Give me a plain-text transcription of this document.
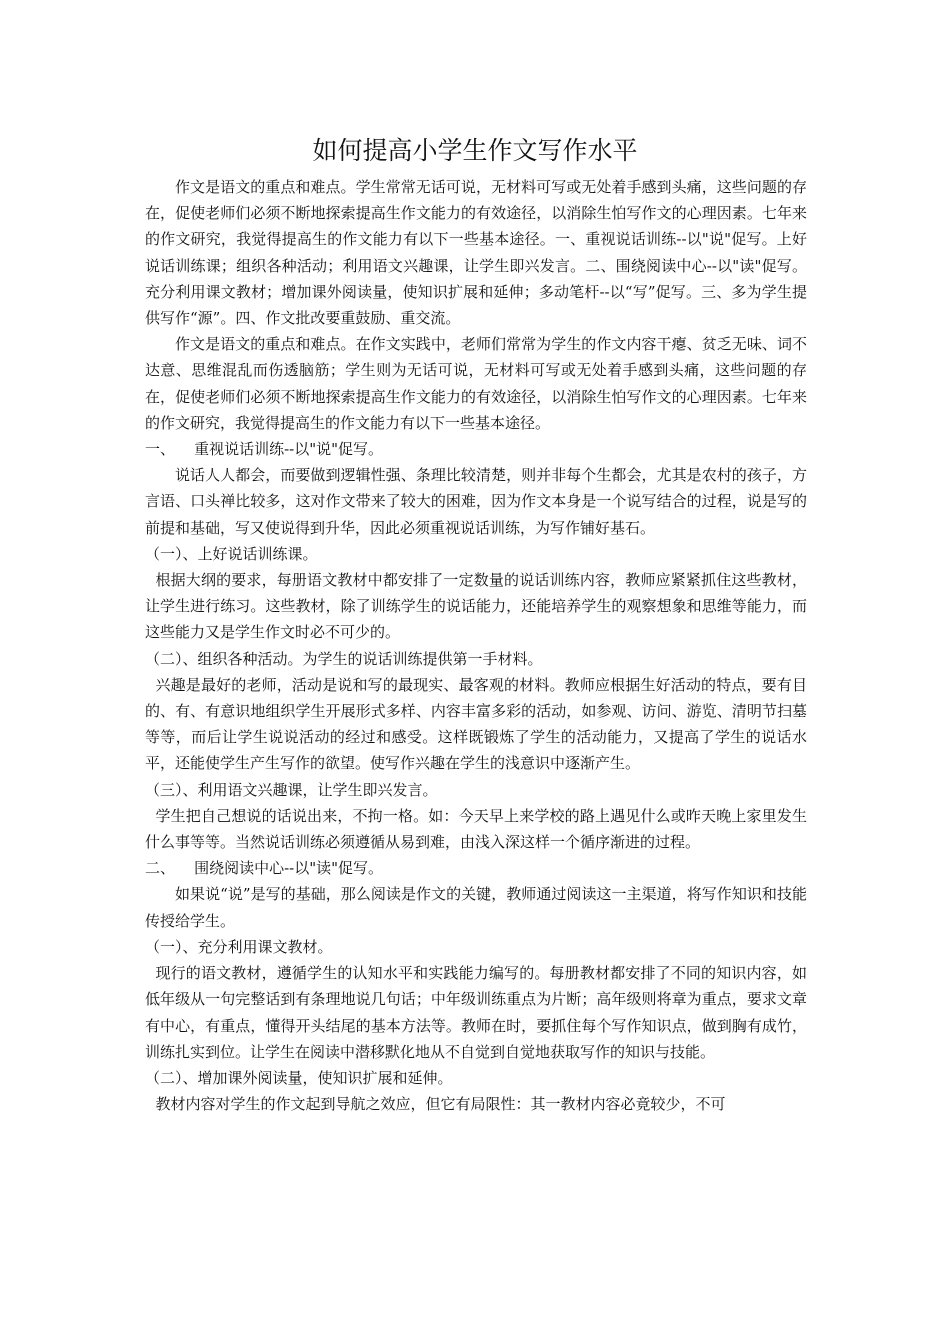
如何提高小学生作文写作水平

作文是语文的重点和难点。学生常常无话可说，无材料可写或无处着手感到头痛，这些问题的存在，促使老师们必须不断地探索提高生作文能力的有效途径，以消除生怕写作文的心理因素。七年来的作文研究，我觉得提高生的作文能力有以下一些基本途径。一、重视说话训练--以"说"促写。上好说话训练课；组织各种活动；利用语文兴趣课，让学生即兴发言。二、围绕阅读中心--以"读"促写。充分利用课文教材；增加课外阅读量，使知识扩展和延伸；多动笔杆--以“写”促写。三、多为学生提供写作“源”。四、作文批改要重鼓励、重交流。

作文是语文的重点和难点。在作文实践中，老师们常常为学生的作文内容干瘪、贫乏无味、词不达意、思维混乱而伤透脑筋；学生则为无话可说，无材料可写或无处着手感到头痛，这些问题的存在，促使老师们必须不断地探索提高生作文能力的有效途径，以消除生怕写作文的心理因素。七年来的作文研究，我觉得提高生的作文能力有以下一些基本途径。

一、    重视说话训练--以"说"促写。

说话人人都会，而要做到逻辑性强、条理比较清楚，则并非每个生都会，尤其是农村的孩子，方言语、口头禅比较多，这对作文带来了较大的困难，因为作文本身是一个说写结合的过程，说是写的前提和基础，写又使说得到升华，因此必须重视说话训练，为写作铺好基石。

（一）、上好说话训练课。

根据大纲的要求，每册语文教材中都安排了一定数量的说话训练内容，教师应紧紧抓住这些教材，让学生进行练习。这些教材，除了训练学生的说话能力，还能培养学生的观察想象和思维等能力，而这些能力又是学生作文时必不可少的。

（二）、组织各种活动。为学生的说话训练提供第一手材料。

兴趣是最好的老师，活动是说和写的最现实、最客观的材料。教师应根据生好活动的特点，要有目的、有、有意识地组织学生开展形式多样、内容丰富多彩的活动，如参观、访问、游览、清明节扫墓等等，而后让学生说说活动的经过和感受。这样既锻炼了学生的活动能力，又提高了学生的说话水平，还能使学生产生写作的欲望。使写作兴趣在学生的浅意识中逐渐产生。

（三）、利用语文兴趣课，让学生即兴发言。

学生把自己想说的话说出来，不拘一格。如：今天早上来学校的路上遇见什么或昨天晚上家里发生什么事等等。当然说话训练必须遵循从易到难，由浅入深这样一个循序渐进的过程。

二、    围绕阅读中心--以"读"促写。

如果说“说”是写的基础，那么阅读是作文的关键，教师通过阅读这一主渠道，将写作知识和技能传授给学生。

（一）、充分利用课文教材。

现行的语文教材，遵循学生的认知水平和实践能力编写的。每册教材都安排了不同的知识内容，如低年级从一句完整话到有条理地说几句话；中年级训练重点为片断；高年级则将章为重点，要求文章有中心，有重点，懂得开头结尾的基本方法等。教师在时，要抓住每个写作知识点，做到胸有成竹，训练扎实到位。让学生在阅读中潜移默化地从不自觉到自觉地获取写作的知识与技能。

（二）、增加课外阅读量，使知识扩展和延伸。

教材内容对学生的作文起到导航之效应，但它有局限性：其一教材内容必竟较少，不可
